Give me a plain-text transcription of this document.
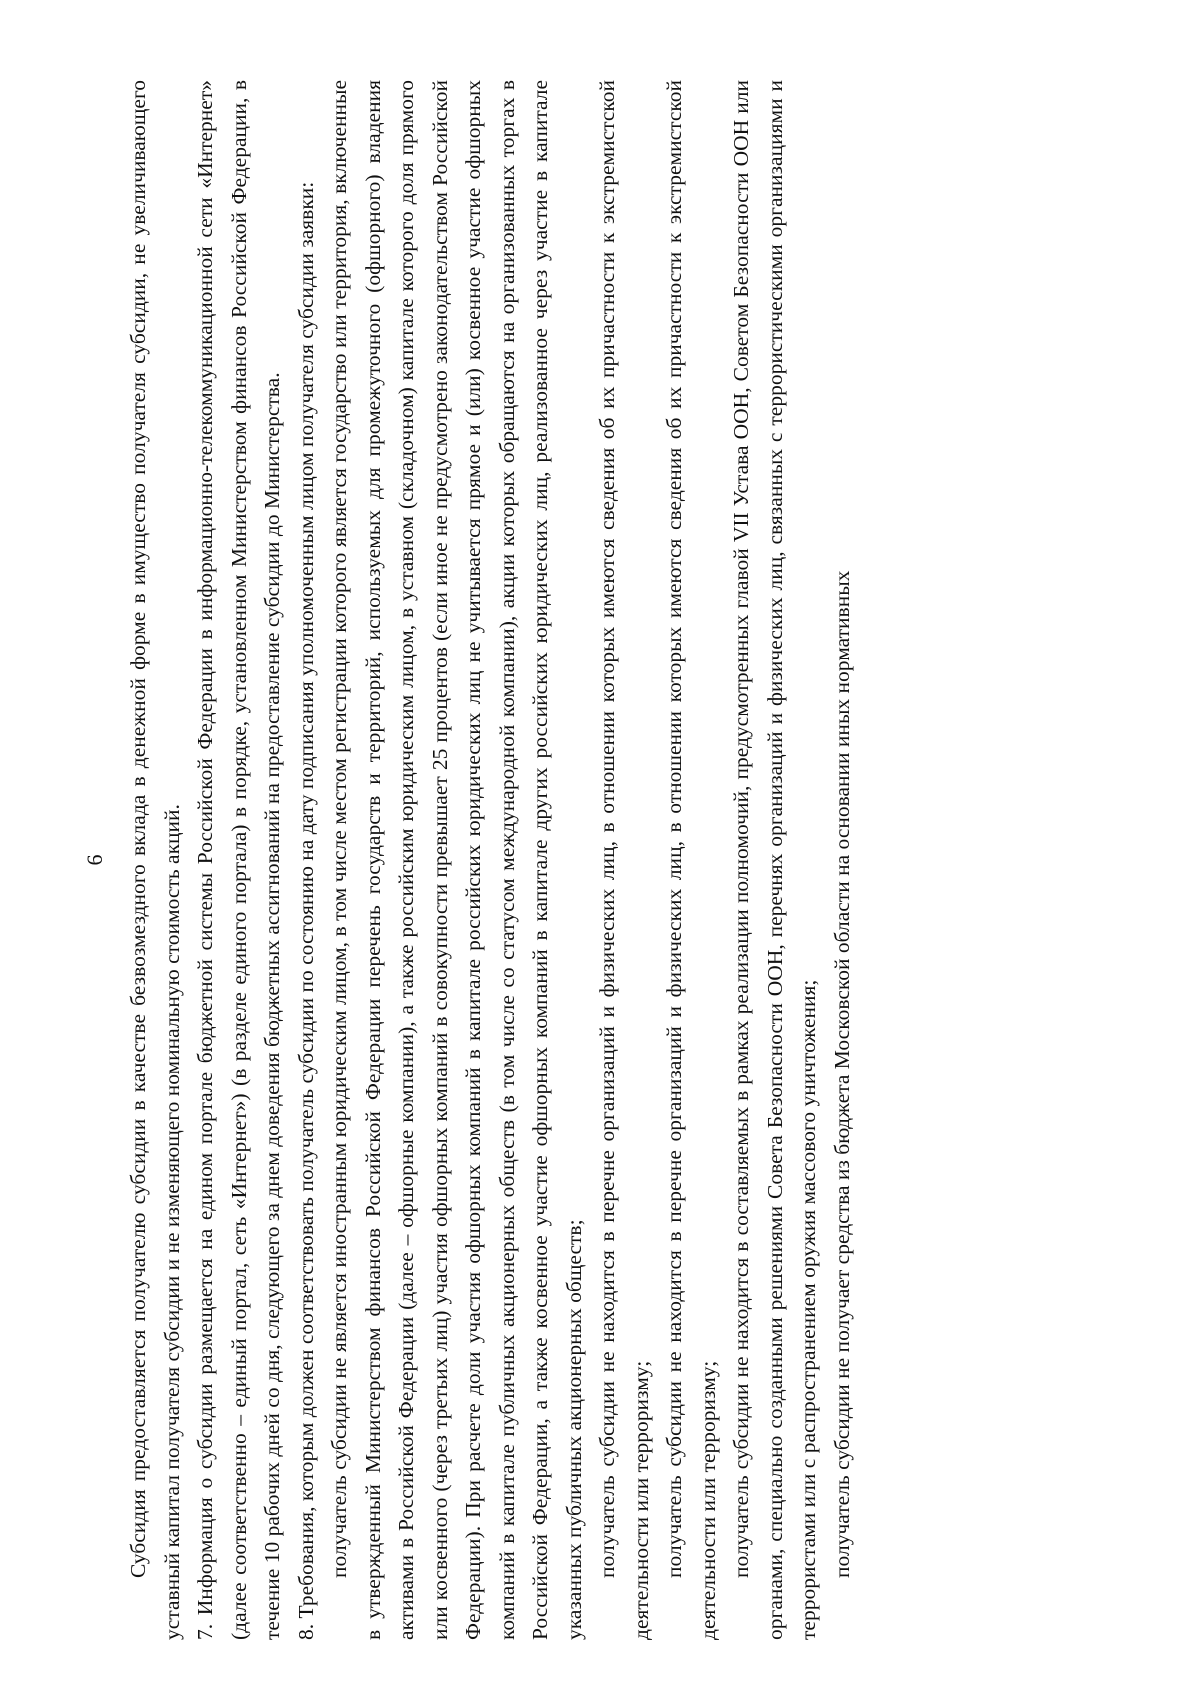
6 Субсидия предоставляется получателю субсидии в качестве безвозмездного вклада в денежной форме в имущество получателя субсидии, не увеличивающего уставный капитал получателя субсидии и не изменяющего номинальную стоимость акций. 7. Информация о субсидии размещается на едином портале бюджетной системы Российской Федерации в информационно-телекоммуникационной сети «Интернет» (далее соответственно – единый портал, сеть «Интернет») (в разделе единого портала) в порядке, установленном Министерством финансов Российской Федерации, в течение 10 рабочих дней со дня, следующего за днем доведения бюджетных ассигнований на предоставление субсидии до Министерства. 8. Требования, которым должен соответствовать получатель субсидии по состоянию на дату подписания уполномоченным лицом получателя субсидии заявки: получатель субсидии не является иностранным юридическим лицом, в том числе местом регистрации которого является государство или территория, включенные в утвержденный Министерством финансов Российской Федерации перечень государств и территорий, используемых для промежуточного (офшорного) владения активами в Российской Федерации (далее – офшорные компании), а также российским юридическим лицом, в уставном (складочном) капитале которого доля прямого или косвенного (через третьих лиц) участия офшорных компаний в совокупности превышает 25 процентов (если иное не предусмотрено законодательством Российской Федерации). При расчете доли участия офшорных компаний в капитале российских юридических лиц не учитывается прямое и (или) косвенное участие офшорных компаний в капитале публичных акционерных обществ (в том числе со статусом международной компании), акции которых обращаются на организованных торгах в Российской Федерации, а также косвенное участие офшорных компаний в капитале других российских юридических лиц, реализованное через участие в капитале указанных публичных акционерных обществ; получатель субсидии не находится в перечне организаций и физических лиц, в отношении которых имеются сведения об их причастности к экстремистской деятельности или терроризму; получатель субсидии не находится в перечне организаций и физических лиц, в отношении которых имеются сведения об их причастности к экстремистской деятельности или терроризму; получатель субсидии не находится в составляемых в рамках реализации полномочий, предусмотренных главой VII Устава ООН, Советом Безопасности ООН или органами, специально созданными решениями Совета Безопасности ООН, перечнях организаций и физических лиц, связанных с террористическими организациями и террористами или с распространением оружия массового уничтожения; получатель субсидии не получает средства из бюджета Московской области на основании иных нормативных
